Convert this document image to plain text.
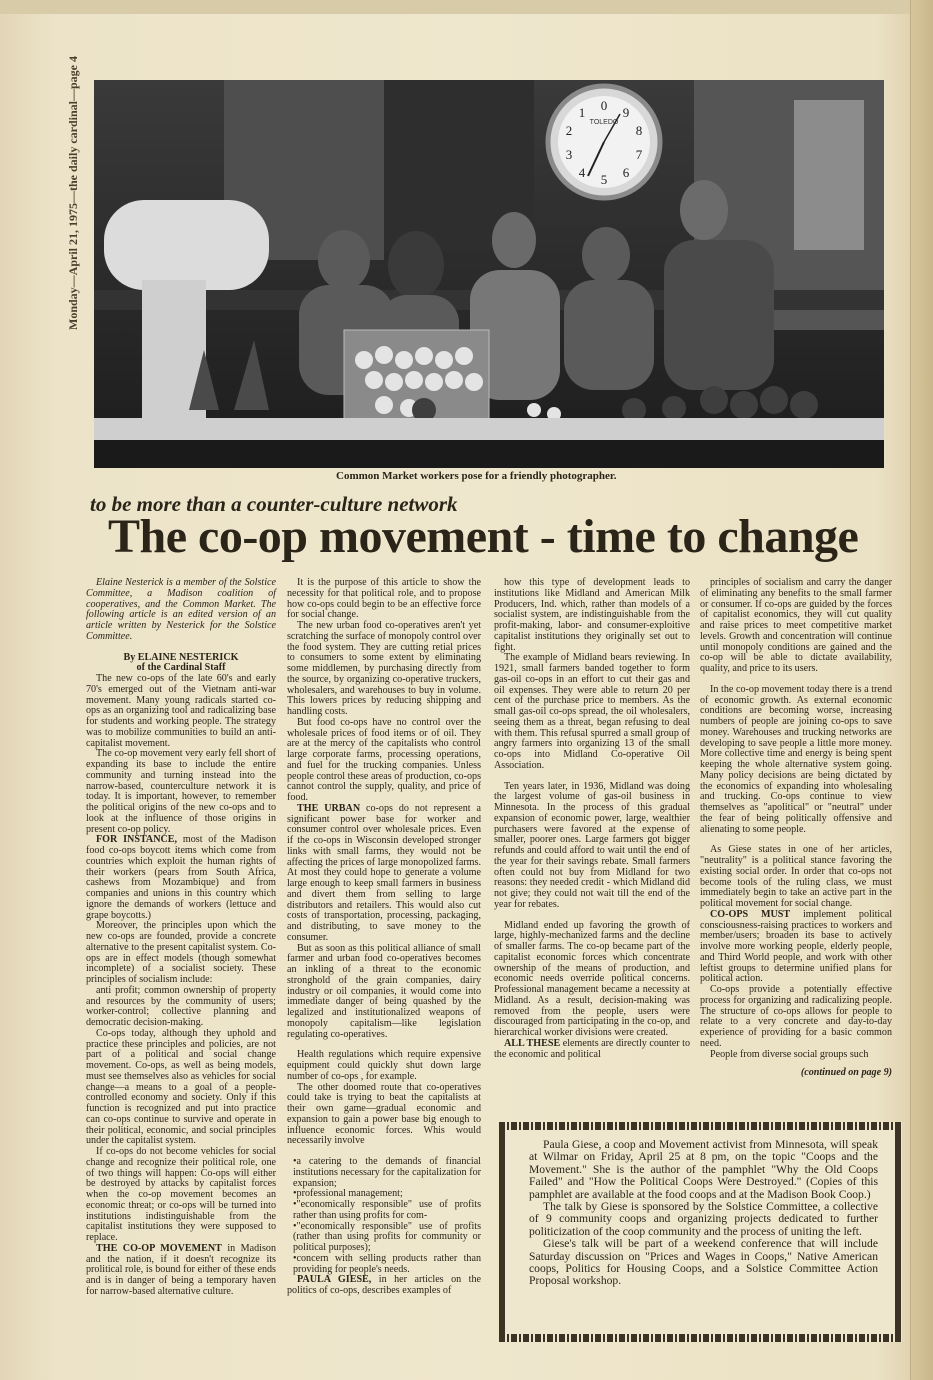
Monday—April 21, 1975—the daily cardinal—page 4	TOLEDO
0 9
8
7
6
5
4
3
2
1
Common Market workers pose for a friendly photographer.
to be more than a counter-culture network
The co-op movement - time to change

Elaine Nesterick is a member of the Solstice Committee, a Madison coalition of cooperatives, and the Common Market. The following article is an edited version of an article written by Nesterick for the Solstice Committee.

By ELAINE NESTERICK

of the Cardinal Staff

The new co-ops of the late 60's and early 70's emerged out of the Vietnam anti-war movement. Many young radicals started co-ops as an organizing tool and radicalizing base for students and working people. The strategy was to mobilize communities to build an anti-capitalist movement.

The co-op movement very early fell short of expanding its base to include the entire community and turning instead into the narrow-based, counterculture network it is today. It is important, however, to remember the political origins of the new co-ops and to look at the influence of those origins in present co-op policy.

FOR INSTANCE, most of the Madison food co-ops boycott items which come from countries which exploit the human rights of their workers (pears from South Africa, cashews from Mozambique) and from companies and unions in this country which ignore the demands of workers (lettuce and grape boycotts.)

Moreover, the principles upon which the new co-ops are founded, provide a concrete alternative to the present capitalist system. Co-ops are in effect models (though somewhat incomplete) of a socialist society. These principles of socialism include:

anti profit; common ownership of property and resources by the community of users; worker-control; collective planning and democratic decision-making.

Co-ops today, although they uphold and practice these principles and policies, are not part of a political and social change movement. Co-ops, as well as being models, must see themselves also as vehicles for social change—a means to a goal of a people-controlled economy and society. Only if this function is recognized and put into practice can co-ops continue to survive and operate in their political, economic, and social principles under the capitalist system.

If co-ops do not become vehicles for social change and recognize their political role, one of two things will happen: Co-ops will either be destroyed by attacks by capitalist forces when the co-op movement becomes an economic threat; or co-ops will be turned into institutions indistinguishable from the capitalist institutions they were supposed to replace.

THE CO-OP MOVEMENT in Madison and the nation, if it doesn't recognize its prolitical role, is bound for either of these ends and is in danger of being a temporary haven for narrow-based alternative culture.

It is the purpose of this article to show the necessity for that political role, and to propose how co-ops could begin to be an effective force for social change.

The new urban food co-operatives aren't yet scratching the surface of monopoly control over the food system. They are cutting retial prices to consumers to some extent by eliminating some middlemen, by purchasing directly from the source, by organizing co-operative truckers, wholesalers, and warehouses to buy in volume. This lowers prices by reducing shipping and handling costs.

But food co-ops have no control over the wholesale prices of food items or of oil. They are at the mercy of the capitalists who control large corporate farms, processing operations, and fuel for the trucking companies. Unless people control these areas of production, co-ops cannot control the supply, quality, and price of food.

THE URBAN co-ops do not represent a significant power base for worker and consumer control over wholesale prices. Even if the co-ops in Wisconsin developed stronger links with small farms, they would not be affecting the prices of large monopolized farms. At most they could hope to generate a volume large enough to keep small farmers in business and divert them from selling to large distributors and retailers. This would also cut costs of transportation, processing, packaging, and distributing, to save money to the consumer.

But as soon as this political alliance of small farmer and urban food co-operatives becomes an inkling of a threat to the economic stronghold of the grain companies, dairy industry or oil companies, it would come into immediate danger of being quashed by the legalized and institutionalized weapons of monopoly capitalism—like legislation regulating co-operatives.

Health regulations which require expensive equipment could quickly shut down large number of co-ops , for example.

The other doomed route that co-operatives could take is trying to beat the capitalists at their own game—gradual economic and expansion to gain a power base big enough to influence economic forces. Whis would necessarily involve

•a catering to the demands of financial institutions necessary for the capitalization for expansion;

•professional management;

•"economically responsible" use of profits rather than using profits for com-

•"economically responsible" use of profits (rather than using profits for community or political purposes);

•concern with selling products rather than providing for people's needs.

PAULA GIESE, in her articles on the politics of co-ops, describes examples of

how this type of development leads to institutions like Midland and American Milk Producers, Ind. which, rather than models of a socialist system, are indistinguishable from the profit-making, labor- and consumer-exploitive capitalist institutions they originally set out to fight.

The example of Midland bears reviewing. In 1921, small farmers banded together to form gas-oil co-ops in an effort to cut their gas and oil expenses. They were able to return 20 per cent of the purchase price to members. As the small gas-oil co-ops spread, the oil wholesalers, seeing them as a threat, began refusing to deal with them. This refusal spurred a small group of angry farmers into organizing 13 of the small co-ops into Midland Co-operative Oil Association.

Ten years later, in 1936, Midland was doing the largest volume of gas-oil business in Minnesota. In the process of this gradual expansion of economic power, large, wealthier purchasers were favored at the expense of smaller, poorer ones. Large farmers got bigger refunds and could afford to wait until the end of the year for their savings rebate. Small farmers often could not buy from Midland for two reasons: they needed credit - which Midland did not give; they could not wait till the end of the year for rebates.

Midland ended up favoring the growth of large, highly-mechanized farms and the decline of smaller farms. The co-op became part of the capitalist economic forces which concentrate ownership of the means of production, and economic needs override political concerns. Professional management became a necessity at Midland. As a result, decision-making was removed from the people, users were discouraged from participating in the co-op, and hierarchical worker divisions were created.

ALL THESE elements are directly counter to the economic and political

principles of socialism and carry the danger of eliminating any benefits to the small farmer or consumer. If co-ops are guided by the forces of capitalist economics, they will cut quality and raise prices to meet competitive market levels. Growth and concentration will continue until monopoly conditions are gained and the co-op will be able to dictate availability, quality, and price to its users.

In the co-op movement today there is a trend of economic growth. As external economic conditions are becoming worse, increasing numbers of people are joining co-ops to save money. Warehouses and trucking networks are developing to save people a little more money. More collective time and energy is being spent keeping the whole alternative system going. Many policy decisions are being dictated by the economics of expanding into wholesaling and trucking. Co-ops continue to view themselves as "apolitical" or "neutral" under the fear of being politically offensive and alienating to some people.

As Giese states in one of her articles, "neutrality" is a political stance favoring the existing social order. In order that co-ops not become tools of the ruling class, we must immediately begin to take an active part in the political movement for social change.

CO-OPS MUST implement political consciousness-raising practices to workers and member/users; broaden its base to actively involve more working people, elderly people, and Third World people, and work with other leftist groups to determine unified plans for political action.

Co-ops provide a potentially effective process for organizing and radicalizing people. The structure of co-ops allows for people to relate to a very concrete and day-to-day experience of providing for a basic common need.

People from diverse social groups such

(continued on page 9)

Paula Giese, a coop and Movement activist from Minnesota, will speak at Wilmar on Friday, April 25 at 8 pm, on the topic "Coops and the Movement." She is the author of the pamphlet "Why the Old Coops Failed" and "How the Political Coops Were Destroyed." (Copies of this pamphlet are available at the food coops and at the Madison Book Coop.)

The talk by Giese is sponsored by the Solstice Committee, a collective of 9 community coops and organizing projects dedicated to further politicization of the coop community and the process of uniting the left.

Giese's talk will be part of a weekend conference that will include Saturday discussion on "Prices and Wages in Coops," Native American coops, Politics for Housing Coops, and a Solstice Committee Action Proposal workshop.
